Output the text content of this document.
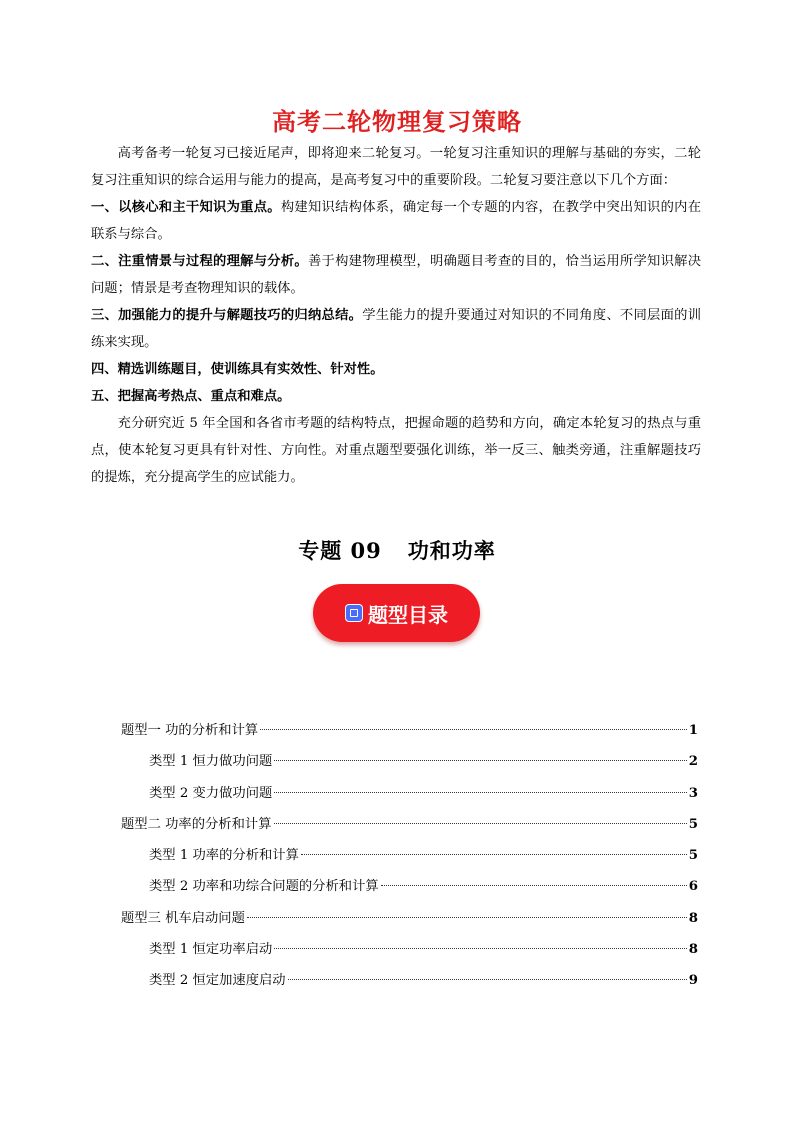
高考二轮物理复习策略

高考备考一轮复习已接近尾声，即将迎来二轮复习。一轮复习注重知识的理解与基础的夯实，二轮复习注重知识的综合运用与能力的提高，是高考复习中的重要阶段。二轮复习要注意以下几个方面：

一、以核心和主干知识为重点。构建知识结构体系，确定每一个专题的内容，在教学中突出知识的内在联系与综合。

二、注重情景与过程的理解与分析。善于构建物理模型，明确题目考查的目的，恰当运用所学知识解决问题；情景是考查物理知识的载体。

三、加强能力的提升与解题技巧的归纳总结。学生能力的提升要通过对知识的不同角度、不同层面的训练来实现。

四、精选训练题目，使训练具有实效性、针对性。

五、把握高考热点、重点和难点。

充分研究近 5 年全国和各省市考题的结构特点，把握命题的趋势和方向，确定本轮复习的热点与重点，使本轮复习更具有针对性、方向性。对重点题型要强化训练，举一反三、触类旁通，注重解题技巧的提炼，充分提高学生的应试能力。

专题 09 功和功率
题型目录
题型一 功的分析和计算	1
类型 1 恒力做功问题	2
类型 2 变力做功问题	3
题型二 功率的分析和计算	5
类型 1 功率的分析和计算	5
类型 2 功率和功综合问题的分析和计算	6
题型三 机车启动问题	8
类型 1 恒定功率启动	8
类型 2 恒定加速度启动	9
